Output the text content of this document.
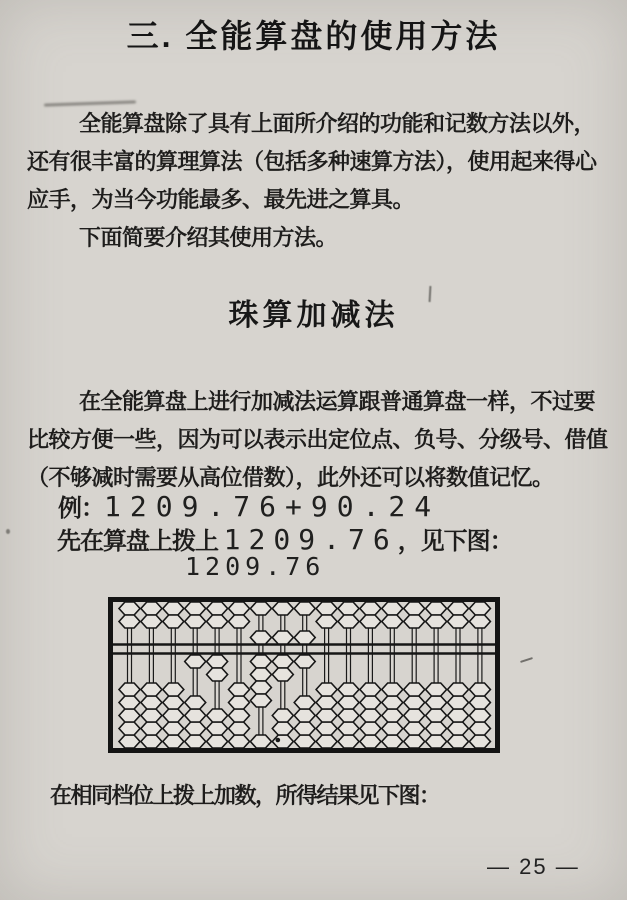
三. 全能算盘的使用方法
全能算盘除了具有上面所介绍的功能和记数方法以外，
还有很丰富的算理算法（包括多种速算方法），使用起来得心
应手，为当今功能最多、最先进之算具。
下面简要介绍其使用方法。
珠算加减法
在全能算盘上进行加减法运算跟普通算盘一样，不过要
比较方便一些，因为可以表示出定位点、负号、分级号、借值
（不够减时需要从高位借数），此外还可以将数值记忆。
例：1209.76+90.24
先在算盘上拨上 1209.76，见下图：
1209.76
在相同档位上拨上加数，所得结果见下图：
— 25 —
